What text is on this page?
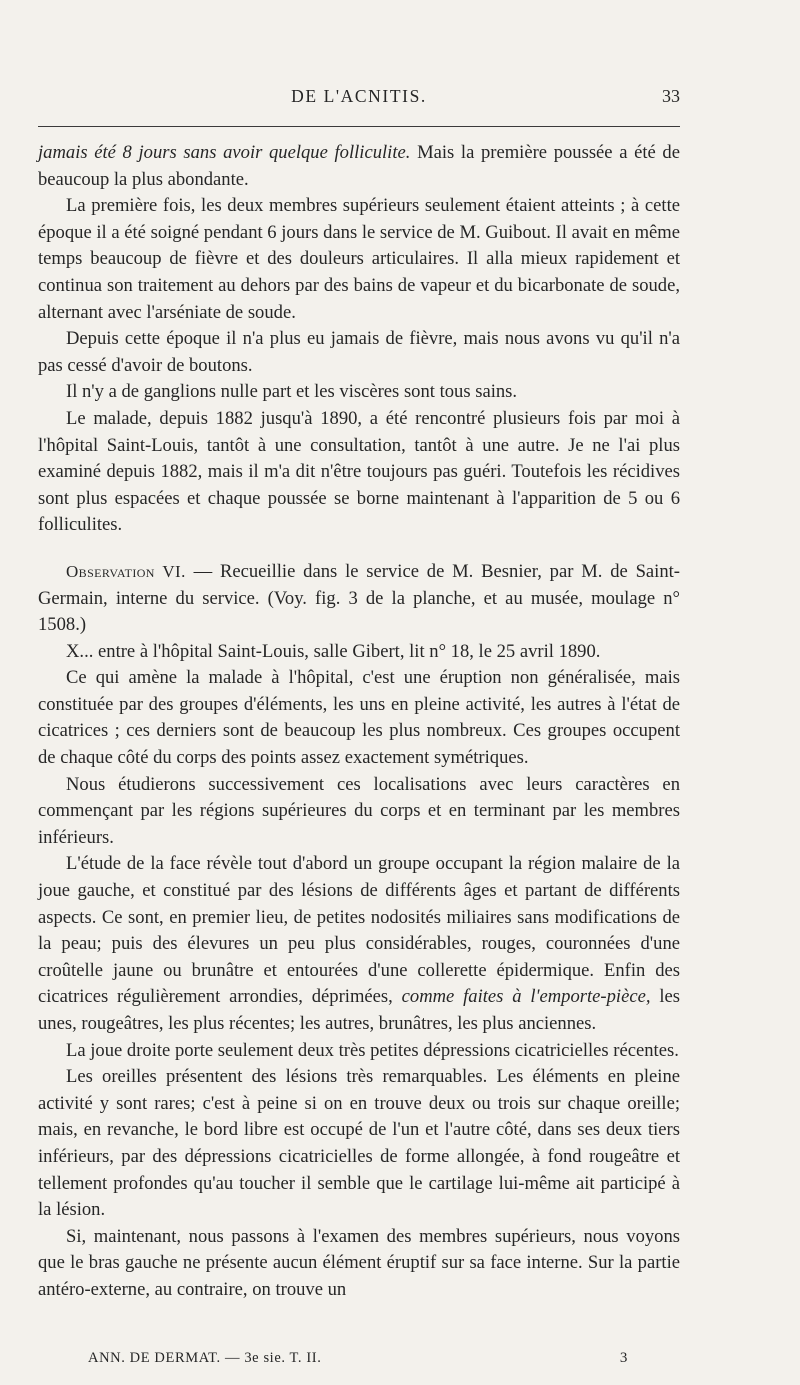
DE L'ACNITIS.	33

jamais été 8 jours sans avoir quelque folliculite. Mais la première poussée a été de beaucoup la plus abondante.

La première fois, les deux membres supérieurs seulement étaient atteints ; à cette époque il a été soigné pendant 6 jours dans le service de M. Guibout. Il avait en même temps beaucoup de fièvre et des douleurs articulaires. Il alla mieux rapidement et continua son traitement au dehors par des bains de vapeur et du bicarbonate de soude, alternant avec l'arséniate de soude.

Depuis cette époque il n'a plus eu jamais de fièvre, mais nous avons vu qu'il n'a pas cessé d'avoir de boutons.

Il n'y a de ganglions nulle part et les viscères sont tous sains.

Le malade, depuis 1882 jusqu'à 1890, a été rencontré plusieurs fois par moi à l'hôpital Saint-Louis, tantôt à une consultation, tantôt à une autre. Je ne l'ai plus examiné depuis 1882, mais il m'a dit n'être toujours pas guéri. Toutefois les récidives sont plus espacées et chaque poussée se borne maintenant à l'apparition de 5 ou 6 folliculites.

Observation VI. — Recueillie dans le service de M. Besnier, par M. de Saint-Germain, interne du service. (Voy. fig. 3 de la planche, et au musée, moulage n° 1508.)

X... entre à l'hôpital Saint-Louis, salle Gibert, lit n° 18, le 25 avril 1890.

Ce qui amène la malade à l'hôpital, c'est une éruption non généralisée, mais constituée par des groupes d'éléments, les uns en pleine activité, les autres à l'état de cicatrices ; ces derniers sont de beaucoup les plus nombreux. Ces groupes occupent de chaque côté du corps des points assez exactement symétriques.

Nous étudierons successivement ces localisations avec leurs caractères en commençant par les régions supérieures du corps et en terminant par les membres inférieurs.

L'étude de la face révèle tout d'abord un groupe occupant la région malaire de la joue gauche, et constitué par des lésions de différents âges et partant de différents aspects. Ce sont, en premier lieu, de petites nodosités miliaires sans modifications de la peau; puis des élevures un peu plus considérables, rouges, couronnées d'une croûtelle jaune ou brunâtre et entourées d'une collerette épidermique. Enfin des cicatrices régulièrement arrondies, déprimées, comme faites à l'emporte-pièce, les unes, rougeâtres, les plus récentes; les autres, brunâtres, les plus anciennes.

La joue droite porte seulement deux très petites dépressions cicatricielles récentes.

Les oreilles présentent des lésions très remarquables. Les éléments en pleine activité y sont rares; c'est à peine si on en trouve deux ou trois sur chaque oreille; mais, en revanche, le bord libre est occupé de l'un et l'autre côté, dans ses deux tiers inférieurs, par des dépressions cicatricielles de forme allongée, à fond rougeâtre et tellement profondes qu'au toucher il semble que le cartilage lui-même ait participé à la lésion.

Si, maintenant, nous passons à l'examen des membres supérieurs, nous voyons que le bras gauche ne présente aucun élément éruptif sur sa face interne. Sur la partie antéro-externe, au contraire, on trouve un

ANN. DE DERMAT. — 3e sie. T. II.	3
